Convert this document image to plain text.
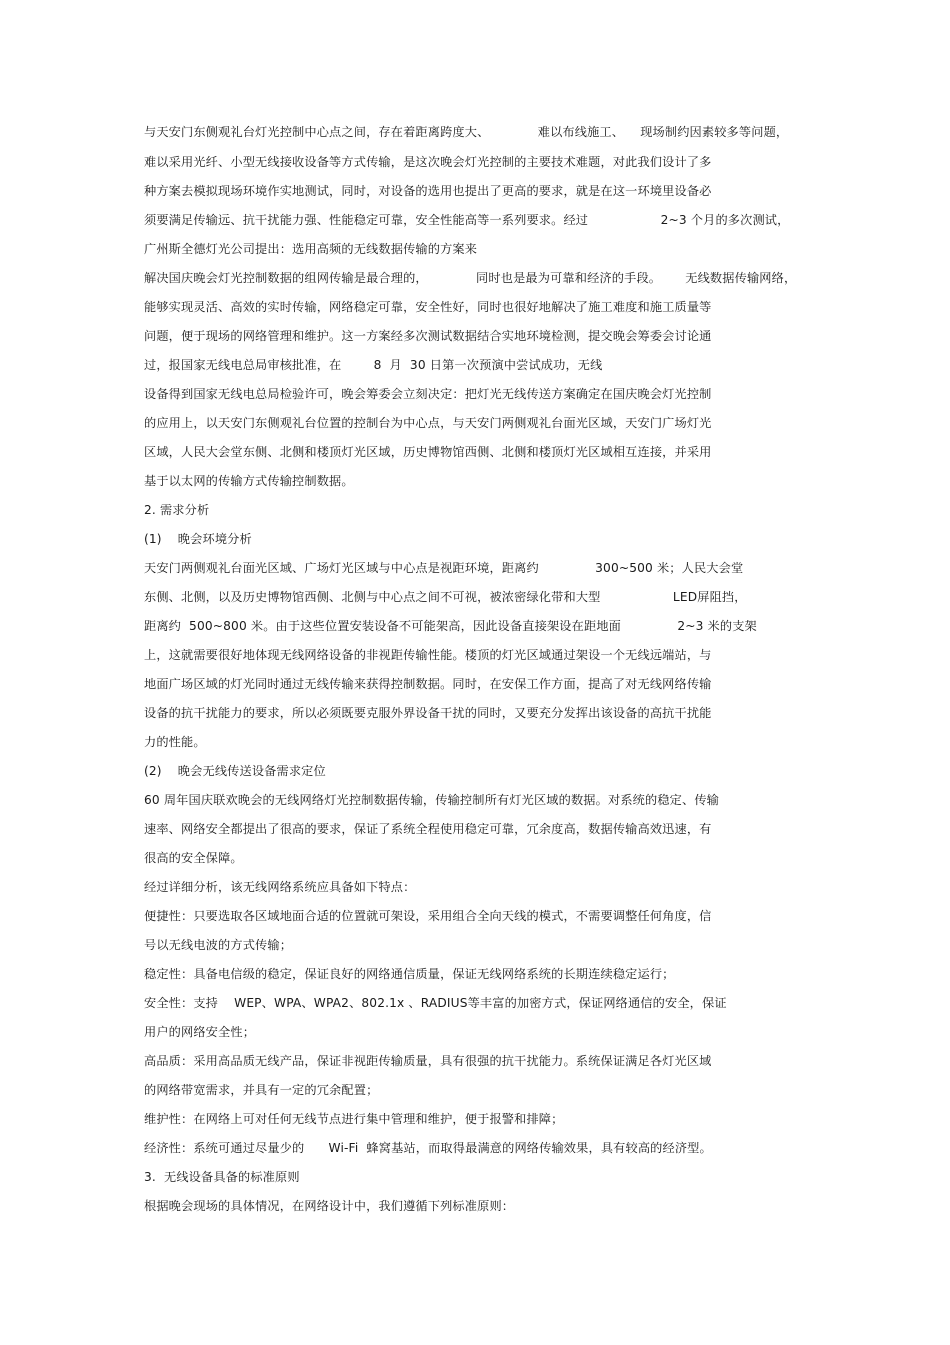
与天安门东侧观礼台灯光控制中心点之间，存在着距离跨度大、            难以布线施工、    现场制约因素较多等问题，
难以采用光纤、小型无线接收设备等方式传输，是这次晚会灯光控制的主要技术难题，对此我们设计了多
种方案去模拟现场环境作实地测试，同时，对设备的选用也提出了更高的要求，就是在这一环境里设备必
须要满足传输远、抗干扰能力强、性能稳定可靠，安全性能高等一系列要求。经过                  2~3 个月的多次测试，
广州斯全德灯光公司提出：选用高频的无线数据传输的方案来
解决国庆晚会灯光控制数据的组网传输是最合理的，            同时也是最为可靠和经济的手段。      无线数据传输网络，
能够实现灵活、高效的实时传输，网络稳定可靠，安全性好，同时也很好地解决了施工难度和施工质量等
问题，便于现场的网络管理和维护。这一方案经多次测试数据结合实地环境检测，提交晚会筹委会讨论通
过，报国家无线电总局审核批准，在        8  月  30 日第一次预演中尝试成功，无线
设备得到国家无线电总局检验许可，晚会筹委会立刻决定：把灯光无线传送方案确定在国庆晚会灯光控制
的应用上，以天安门东侧观礼台位置的控制台为中心点，与天安门两侧观礼台面光区域，天安门广场灯光
区域，人民大会堂东侧、北侧和楼顶灯光区域，历史博物馆西侧、北侧和楼顶灯光区域相互连接，并采用
基于以太网的传输方式传输控制数据。
2. 需求分析
(1)    晚会环境分析
天安门两侧观礼台面光区域、广场灯光区域与中心点是视距环境，距离约              300~500 米；人民大会堂
东侧、北侧，以及历史博物馆西侧、北侧与中心点之间不可视，被浓密绿化带和大型                  LED屏阻挡，
距离约  500~800 米。由于这些位置安装设备不可能架高，因此设备直接架设在距地面              2~3 米的支架
上，这就需要很好地体现无线网络设备的非视距传输性能。楼顶的灯光区域通过架设一个无线远端站，与
地面广场区域的灯光同时通过无线传输来获得控制数据。同时，在安保工作方面，提高了对无线网络传输
设备的抗干扰能力的要求，所以必须既要克服外界设备干扰的同时，又要充分发挥出该设备的高抗干扰能
力的性能。
(2)    晚会无线传送设备需求定位
60 周年国庆联欢晚会的无线网络灯光控制数据传输，传输控制所有灯光区域的数据。对系统的稳定、传输
速率、网络安全都提出了很高的要求，保证了系统全程使用稳定可靠，冗余度高，数据传输高效迅速，有
很高的安全保障。
经过详细分析，该无线网络系统应具备如下特点：
便捷性：只要选取各区域地面合适的位置就可架设，采用组合全向天线的模式，不需要调整任何角度，信
号以无线电波的方式传输；
稳定性：具备电信级的稳定，保证良好的网络通信质量，保证无线网络系统的长期连续稳定运行；
安全性：支持    WEP、WPA、WPA2、802.1x 、RADIUS等丰富的加密方式，保证网络通信的安全，保证
用户的网络安全性；
高品质：采用高品质无线产品，保证非视距传输质量，具有很强的抗干扰能力。系统保证满足各灯光区域
的网络带宽需求，并具有一定的冗余配置；
维护性：在网络上可对任何无线节点进行集中管理和维护，便于报警和排障；
经济性：系统可通过尽量少的      Wi-Fi  蜂窝基站，而取得最满意的网络传输效果，具有较高的经济型。
3.  无线设备具备的标准原则
根据晚会现场的具体情况，在网络设计中，我们遵循下列标准原则：
